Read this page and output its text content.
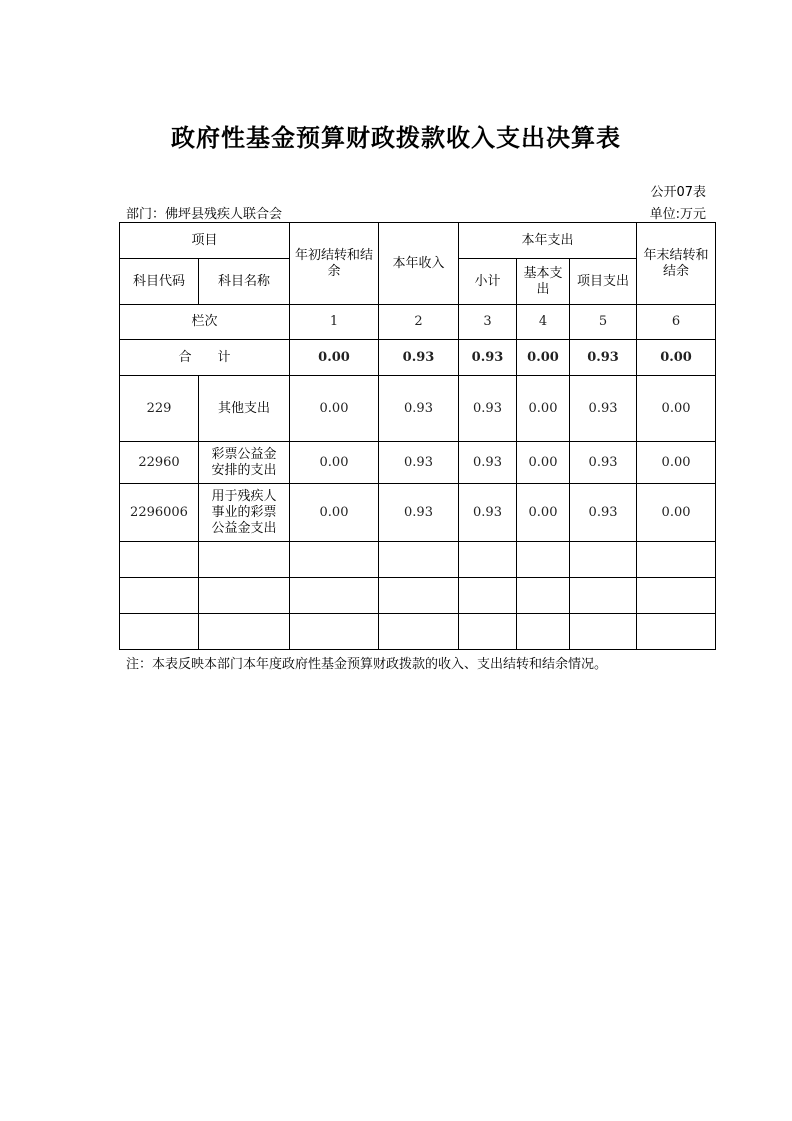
政府性基金预算财政拨款收入支出决算表
公开07表
部门：佛坪县残疾人联合会	单位:万元
项目		年初结转和结余	本年收入	本年支出			年末结转和结余
科目代码	科目名称			小计	基本支出	项目支出	
栏次		1	2	3	4	5	6
合　　计		0.00	0.93	0.93	0.00	0.93	0.00
229	其他支出	0.00	0.93	0.93	0.00	0.93	0.00
22960	彩票公益金安排的支出	0.00	0.93	0.93	0.00	0.93	0.00
2296006	用于残疾人事业的彩票公益金支出	0.00	0.93	0.93	0.00	0.93	0.00

注：本表反映本部门本年度政府性基金预算财政拨款的收入、支出结转和结余情况。
